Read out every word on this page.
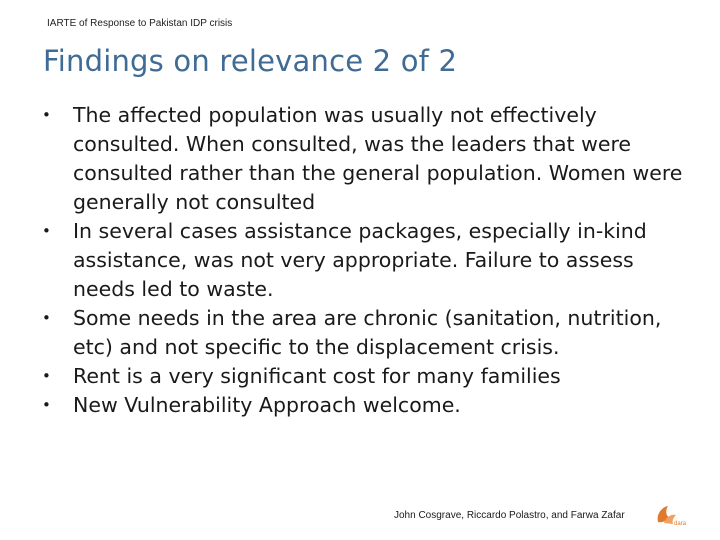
IARTE of Response to Pakistan IDP crisis
Findings on relevance 2 of 2
• The affected population was usually not effectively consulted. When consulted, was the leaders that were consulted rather than the general population. Women were generally not consulted
• In several cases assistance packages, especially in-kind assistance, was not very appropriate. Failure to assess needs led to waste.
• Some needs in the area are chronic (sanitation, nutrition, etc) and not specific to the displacement crisis.
• Rent is a very significant cost for many families
• New Vulnerability Approach welcome.
John Cosgrave, Riccardo Polastro, and Farwa Zafar
dara
